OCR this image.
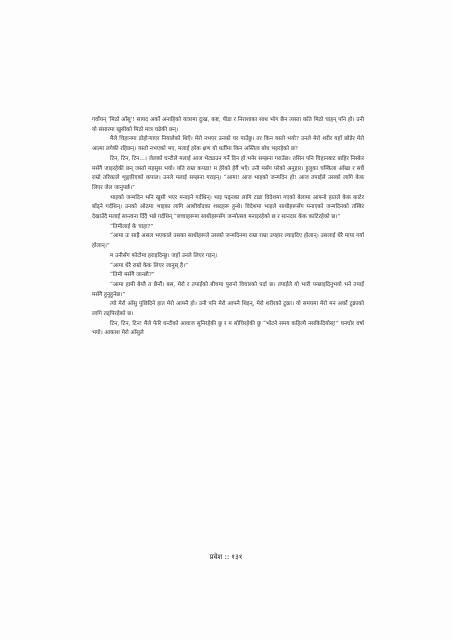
गर्वोयन् ‘मिठो आँसु’! सायद अर्को अनाहिको यात्रामा दुःख, कष्ट, पीडा र निराशाका साथ भोग छैन त्यस्ता कति मिठो चाहन् पनि हो। उनी यो संसारमा खुसीको मिठो मात्र चढेकी छन्।

मैले चिहानमा डोहोऱ्याएर नियालेको थिएँ। मेरो नभएर उनको घर पाउँछु। तर किन यस्तो भयो? उनले मेरो शरीर यहाँ छोडेर मेरो आत्मा लगेकी रहिछन्। यस्तो नभएको भए, मलाई हरेक क्षण यो धर्तीमा किन अस्तित्व बोध भइरहेको छ?

टिन, टिन, टिन...। जेलको घन्टीले मलाई आज भेट्याउन गर्ने दिन हो भनेर सम्झना गराउँछ। तसिन पनि चिहानबाट बाहिर निस्केर मसँगै जाइरहेकी छन् जस्तो महसुस भयो। यति राम्रा कपडा! म हेरेको हेर्यै भएँ। उनी मसँग परेको अनुहार। हुलुका चम्किला आँखा र सधैं राम्रो तरिकाले शृङ्गारिएको कपाल। उनले मलाई सम्झना गराइन्। “आमा! आज भाइको जन्मदिन हो! आज तपाईंले उसको लागि केक लिएर जेल जानुपर्छ।”

भाइको जन्मदिन भनि खुसी भएर मनाइने गर्दथिन्। भाइ पढ्नका लागि टाढा विदेशमा गएको बेलामा आफ्नो हातले केक काटेर बाँड्ने गर्दथिन्। उनको ओठमा भाइका लागि आशीर्वादका शब्दहरू हुन्थे। विदेशमा भाइले साथीहरूसँग मनाएको जन्मदिनको तस्बिर देखाउँदै मलाई सान्त्वना दिँदै भन्ने गर्दथिन् “बच्चाहरूमा साथीहरूसँग जन्मोत्सव मनाइरहेको छ र सानदार केक काटिरहेको छ।”

“तिमीलाई के चाहा?”

“आमा उः साह्रै असल भएकाले उसका साथीहरूले उसको जन्मदिनमा राम्रा राम्रा उपहार ल्याइदिए होलान्। उसलाई धेरै माया गर्या होलान्।”

म उनीसँग फोटोमा हराइदिन्छु। जहाँ उनले लिएर गइन्।

“आमा धेरै राम्रो केक लिएर जानुस् है।”

“तिमी मसँगै जान्छौ?”

“आमा हामी बेग्लै त छैनौं। बस, मेरो र तपाईंको बीचमा पुरानो विचारको पर्दा छ। तपाईंले यो भारी पन्छाइदिनुभयो भने तपाईं मसँगै हुनुहुनेछ।”

त्यो मेरो आँसु पुछिदिने हात मेरो आफ्नै हो। उनी पनि मेरो आफ्नै थिइन्, मेरो शरीरको टुक्रा। यो समयमा मेरो मन अर्को टुक्राको लागि तड्पिरहेको छ।

टिन, टिन, टिन! मैले फेरि घन्टीको आवाज सुनिरहेकी छु र म सोचिरहेकी छु “भोटने समय कहिल्यै नसकिदियोस्!” घनघोर वर्षा भयो। आकाश मेरो आँसुले

प्रवेश :: १३१
